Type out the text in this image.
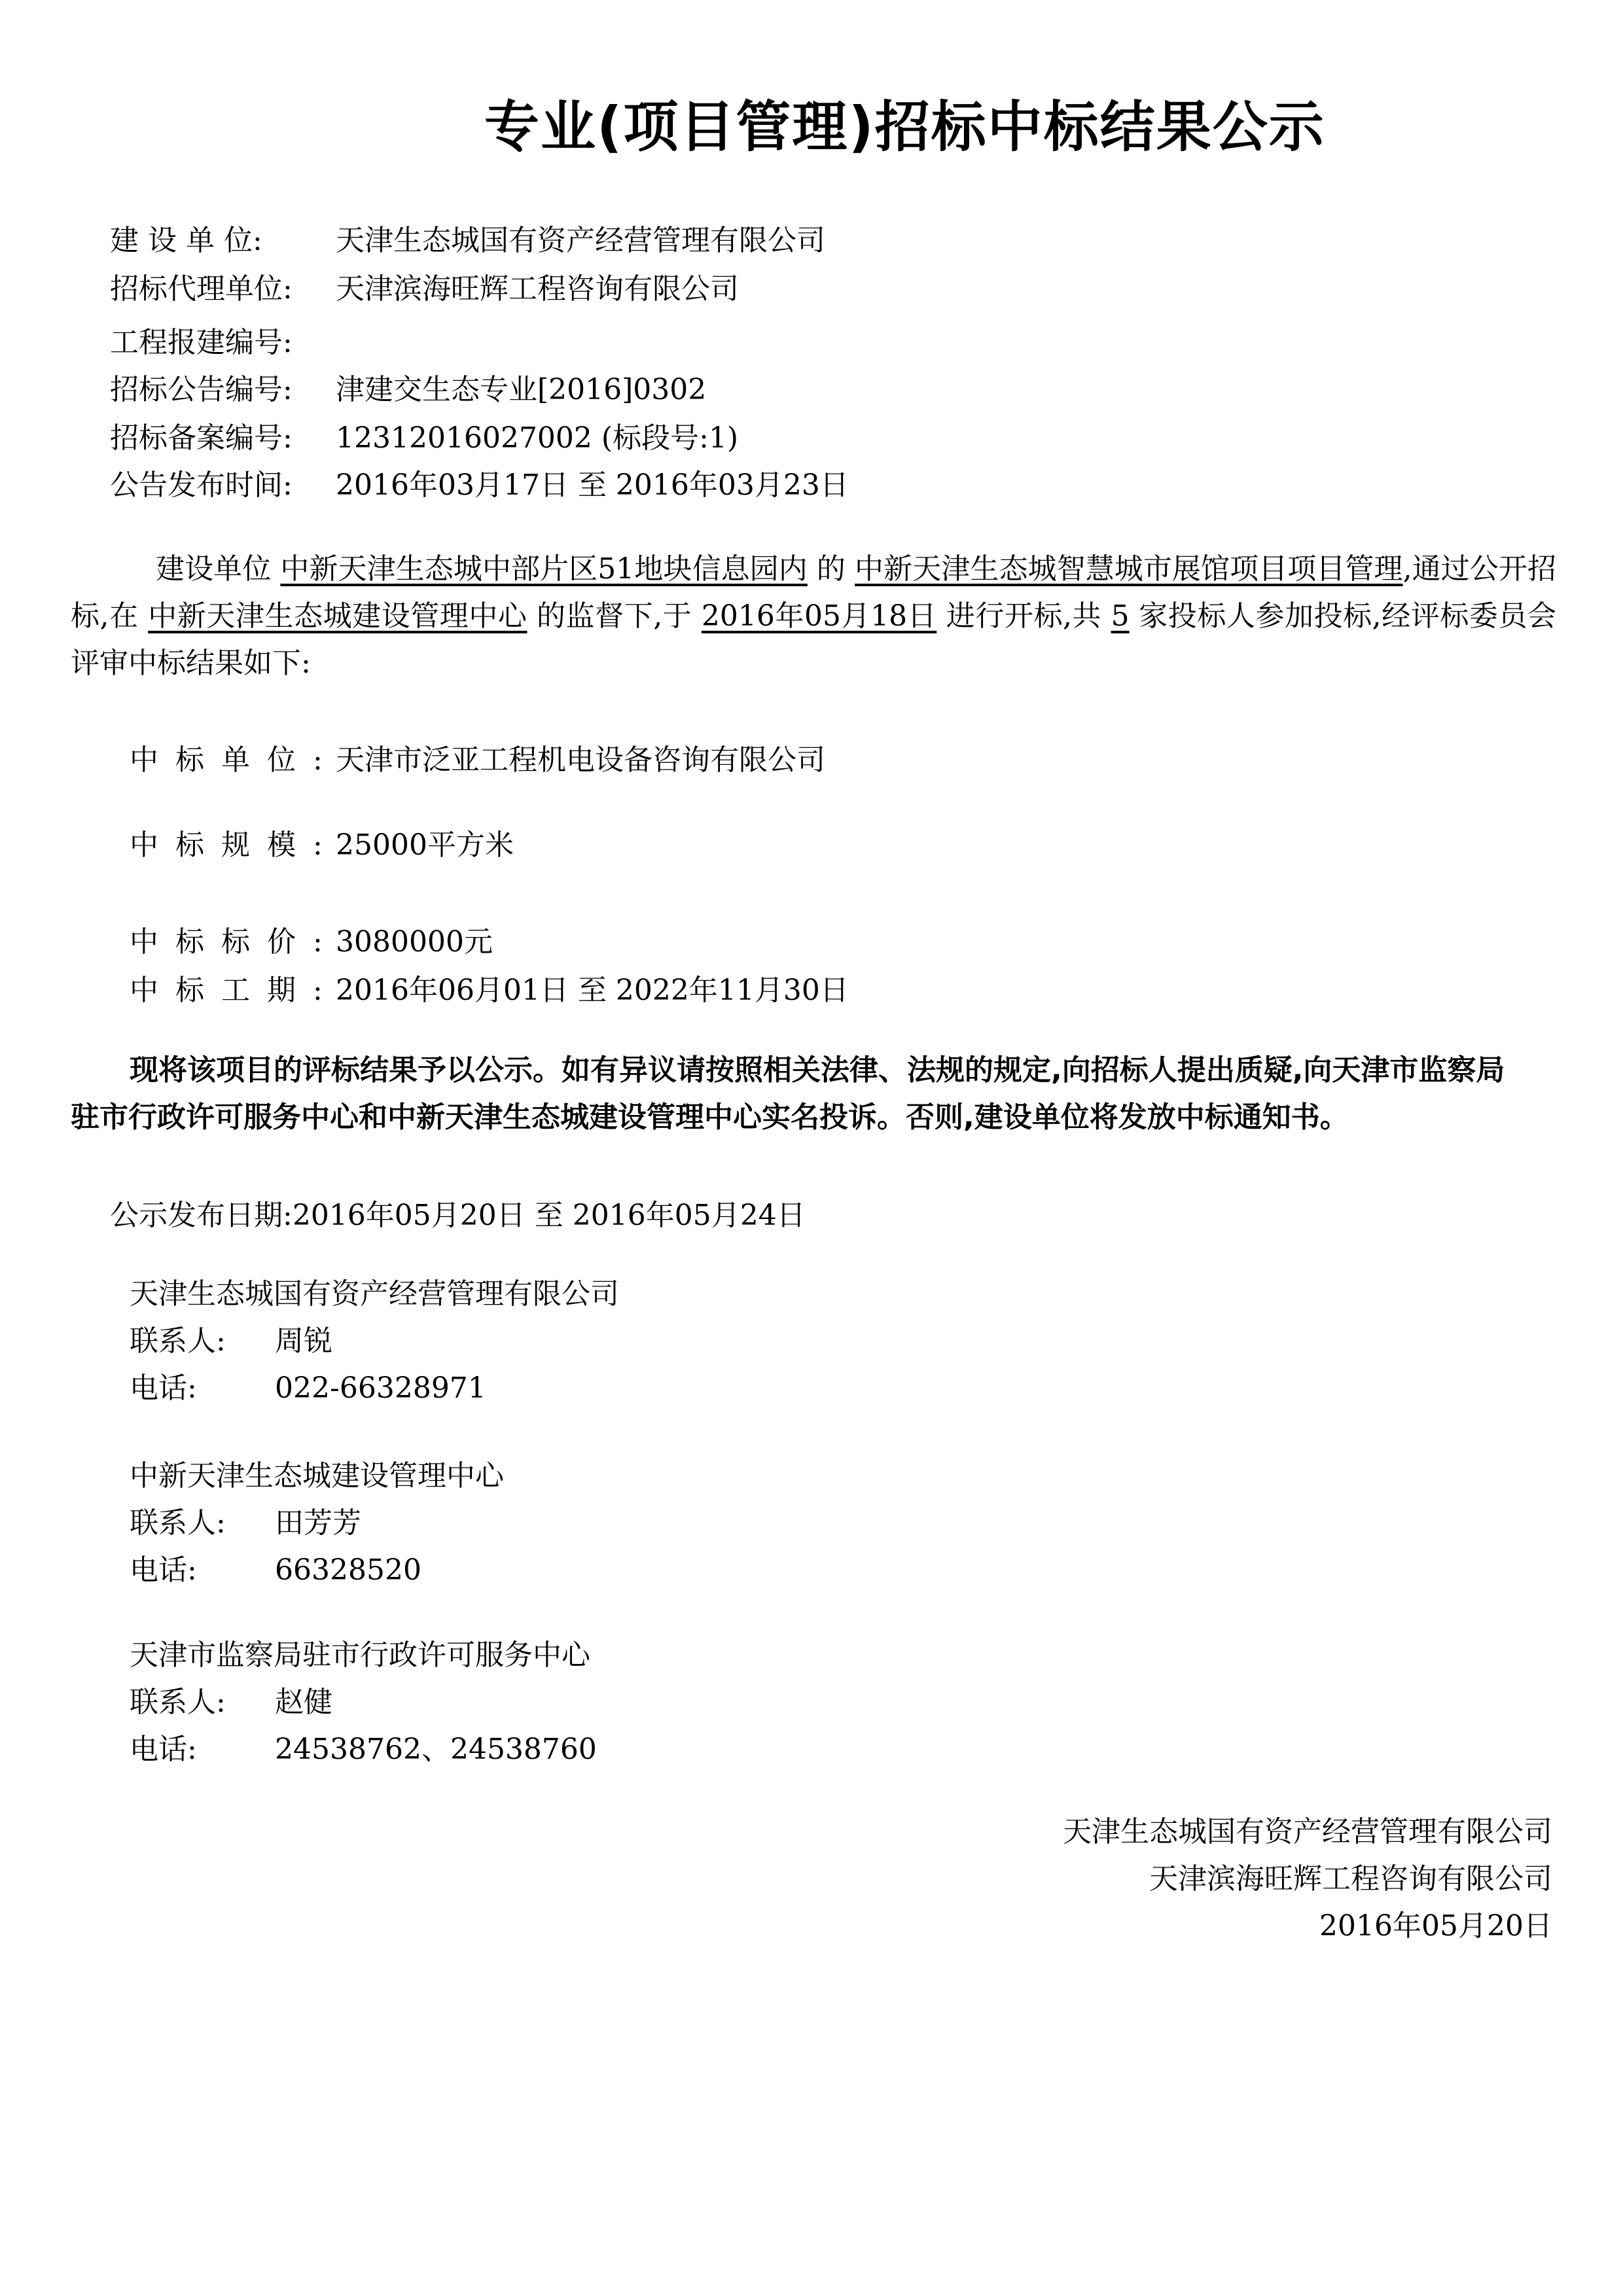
专业(项目管理)招标中标结果公示
建 设 单 位:	天津生态城国有资产经营管理有限公司
招标代理单位: 天津滨海旺辉工程咨询有限公司
工程报建编号:
招标公告编号: 津建交生态专业[2016]0302
招标备案编号: 12312016027002 (标段号:1)
公告发布时间: 2016年03月17日 至 2016年03月23日
建设单位 中新天津生态城中部片区51地块信息园内 的 中新天津生态城智慧城市展馆项目项目管理,通过公开招标,在 中新天津生态城建设管理中心 的监督下,于 2016年05月18日 进行开标,共 5 家投标人参加投标,经评标委员会评审中标结果如下:
中标单位:天津市泛亚工程机电设备咨询有限公司
中标规模:25000平方米
中标标价:3080000元
中标工期:2016年06月01日 至 2022年11月30日
现将该项目的评标结果予以公示。如有异议请按照相关法律、法规的规定,向招标人提出质疑,向天津市监察局驻市行政许可服务中心和中新天津生态城建设管理中心实名投诉。否则,建设单位将发放中标通知书。
公示发布日期:2016年05月20日 至 2016年05月24日
天津生态城国有资产经营管理有限公司
联系人: 周锐
电话:	022-66328971
中新天津生态城建设管理中心
联系人: 田芳芳
电话:	66328520
天津市监察局驻市行政许可服务中心
联系人: 赵健
电话:	24538762、24538760
天津生态城国有资产经营管理有限公司
天津滨海旺辉工程咨询有限公司
2016年05月20日
